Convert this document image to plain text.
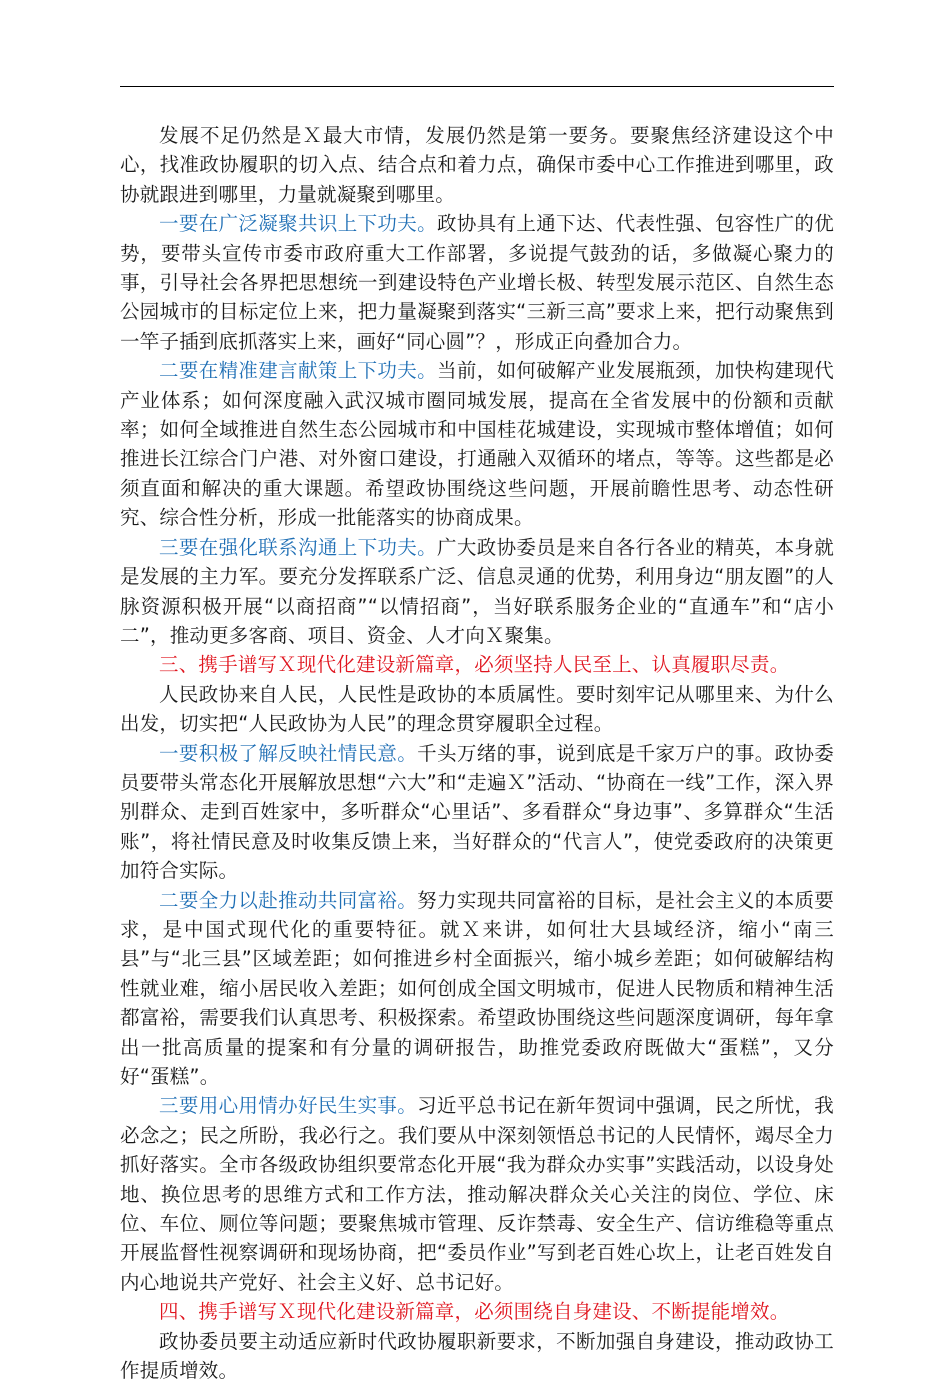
发展不足仍然是Ｘ最大市情，发展仍然是第一要务。要聚焦经济建设这个中心，找准政协履职的切入点、结合点和着力点，确保市委中心工作推进到哪里，政协就跟进到哪里，力量就凝聚到哪里。

一要在广泛凝聚共识上下功夫。政协具有上通下达、代表性强、包容性广的优势，要带头宣传市委市政府重大工作部署，多说提气鼓劲的话，多做凝心聚力的事，引导社会各界把思想统一到建设特色产业增长极、转型发展示范区、自然生态公园城市的目标定位上来，把力量凝聚到落实“三新三高”要求上来，把行动聚焦到一竿子插到底抓落实上来，画好“同心圆”？，形成正向叠加合力。

二要在精准建言献策上下功夫。当前，如何破解产业发展瓶颈，加快构建现代产业体系；如何深度融入武汉城市圈同城发展，提高在全省发展中的份额和贡献率；如何全域推进自然生态公园城市和中国桂花城建设，实现城市整体增值；如何推进长江综合门户港、对外窗口建设，打通融入双循环的堵点，等等。这些都是必须直面和解决的重大课题。希望政协围绕这些问题，开展前瞻性思考、动态性研究、综合性分析，形成一批能落实的协商成果。

三要在强化联系沟通上下功夫。广大政协委员是来自各行各业的精英，本身就是发展的主力军。要充分发挥联系广泛、信息灵通的优势，利用身边“朋友圈”的人脉资源积极开展“以商招商”“以情招商”，当好联系服务企业的“直通车”和“店小二”，推动更多客商、项目、资金、人才向Ｘ聚集。

三、携手谱写Ｘ现代化建设新篇章，必须坚持人民至上、认真履职尽责。

人民政协来自人民，人民性是政协的本质属性。要时刻牢记从哪里来、为什么出发，切实把“人民政协为人民”的理念贯穿履职全过程。

一要积极了解反映社情民意。千头万绪的事，说到底是千家万户的事。政协委员要带头常态化开展解放思想“六大”和“走遍Ｘ”活动、“协商在一线”工作，深入界别群众、走到百姓家中，多听群众“心里话”、多看群众“身边事”、多算群众“生活账”，将社情民意及时收集反馈上来，当好群众的“代言人”，使党委政府的决策更加符合实际。

二要全力以赴推动共同富裕。努力实现共同富裕的目标，是社会主义的本质要求，是中国式现代化的重要特征。就Ｘ来讲，如何壮大县域经济，缩小“南三县”与“北三县”区域差距；如何推进乡村全面振兴，缩小城乡差距；如何破解结构性就业难，缩小居民收入差距；如何创成全国文明城市，促进人民物质和精神生活都富裕，需要我们认真思考、积极探索。希望政协围绕这些问题深度调研，每年拿出一批高质量的提案和有分量的调研报告，助推党委政府既做大“蛋糕”，又分好“蛋糕”。

三要用心用情办好民生实事。习近平总书记在新年贺词中强调，民之所忧，我必念之；民之所盼，我必行之。我们要从中深刻领悟总书记的人民情怀，竭尽全力抓好落实。全市各级政协组织要常态化开展“我为群众办实事”实践活动，以设身处地、换位思考的思维方式和工作方法，推动解决群众关心关注的岗位、学位、床位、车位、厕位等问题；要聚焦城市管理、反诈禁毒、安全生产、信访维稳等重点开展监督性视察调研和现场协商，把“委员作业”写到老百姓心坎上，让老百姓发自内心地说共产党好、社会主义好、总书记好。

四、携手谱写Ｘ现代化建设新篇章，必须围绕自身建设、不断提能增效。

政协委员要主动适应新时代政协履职新要求，不断加强自身建设，推动政协工作提质增效。
